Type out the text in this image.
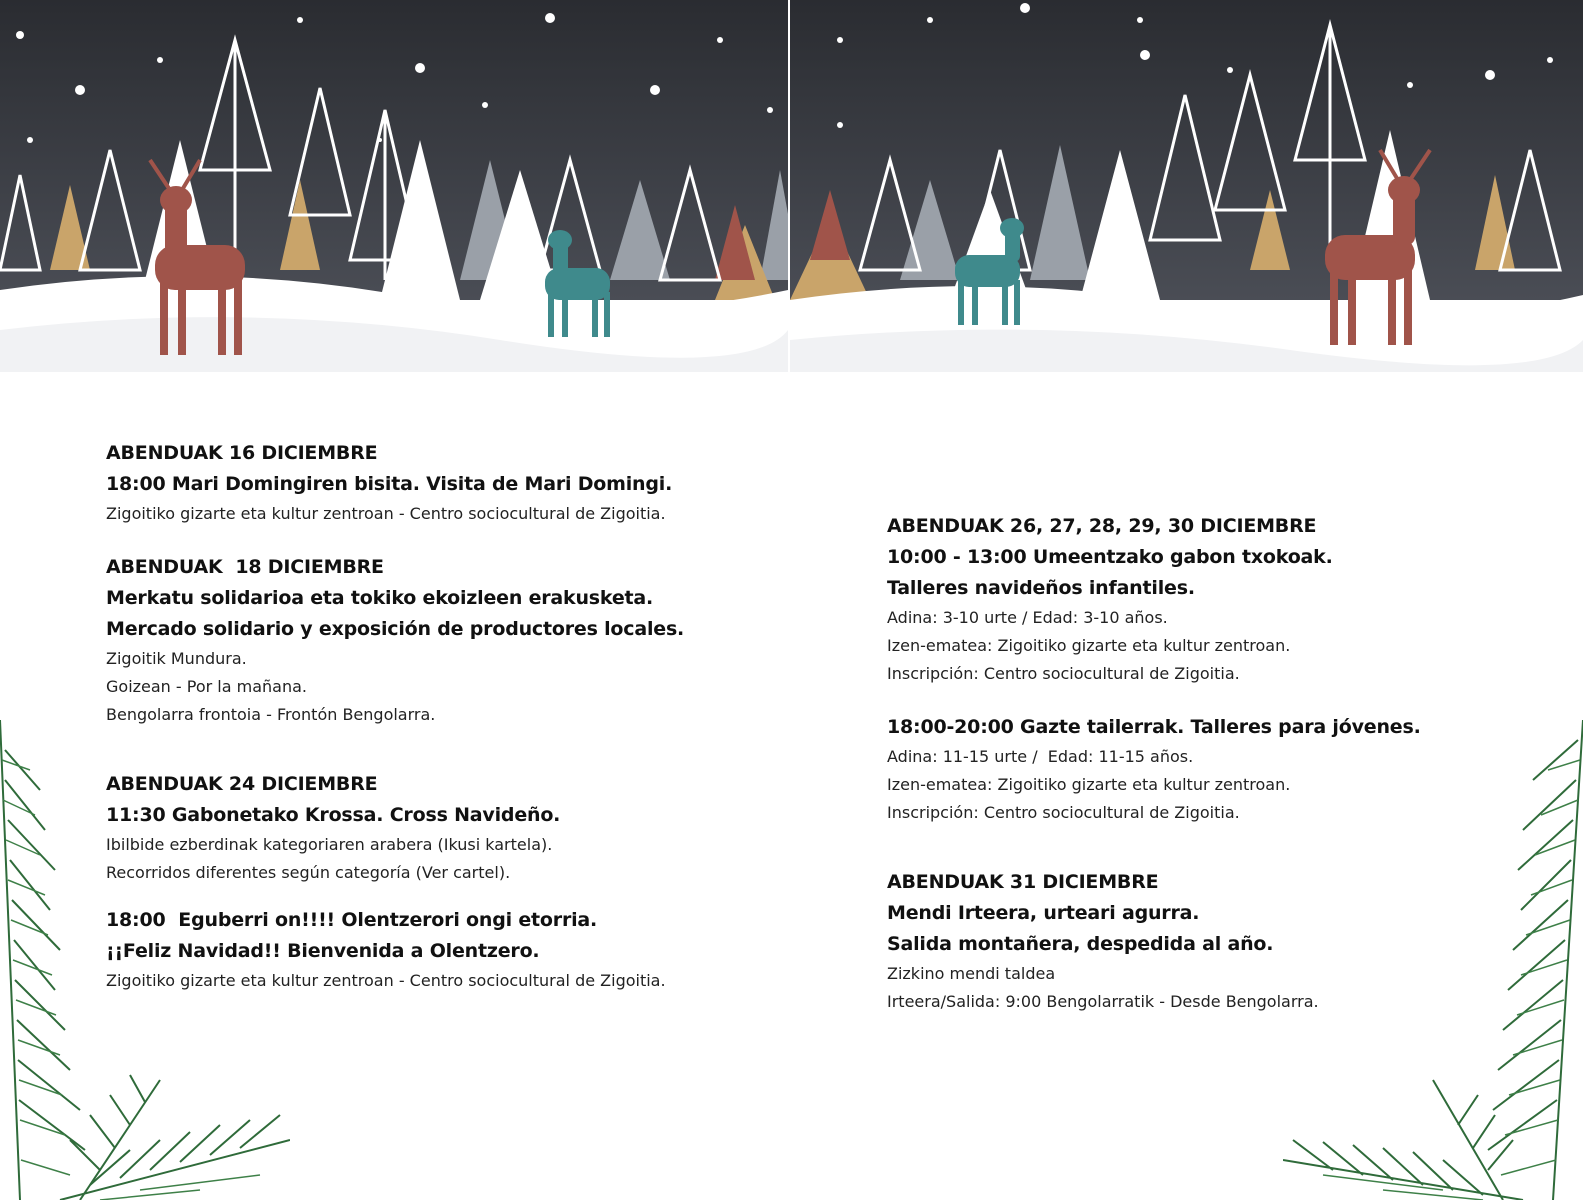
ABENDUAK 16 DICIEMBRE
18:00 Mari Domingiren bisita. Visita de Mari Domingi.
Zigoitiko gizarte eta kultur zentroan - Centro sociocultural de Zigoitia.
ABENDUAK  18 DICIEMBRE
Merkatu solidarioa eta tokiko ekoizleen erakusketa.
Mercado solidario y exposición de productores locales.
Zigoitik Mundura.
Goizean - Por la mañana.
Bengolarra frontoia - Frontón Bengolarra.
ABENDUAK 24 DICIEMBRE
11:30 Gabonetako Krossa. Cross Navideño.
Ibilbide ezberdinak kategoriaren arabera (Ikusi kartela).
Recorridos diferentes según categoría (Ver cartel).
18:00  Eguberri on!!!! Olentzerori ongi etorria.
¡¡Feliz Navidad!! Bienvenida a Olentzero.
Zigoitiko gizarte eta kultur zentroan - Centro sociocultural de Zigoitia.
ABENDUAK 26, 27, 28, 29, 30 DICIEMBRE
10:00 - 13:00 Umeentzako gabon txokoak.
Talleres navideños infantiles.
Adina: 3-10 urte / Edad: 3-10 años.
Izen-ematea: Zigoitiko gizarte eta kultur zentroan.
Inscripción: Centro sociocultural de Zigoitia.
18:00-20:00 Gazte tailerrak. Talleres para jóvenes.
Adina: 11-15 urte /  Edad: 11-15 años.
Izen-ematea: Zigoitiko gizarte eta kultur zentroan.
Inscripción: Centro sociocultural de Zigoitia.
ABENDUAK 31 DICIEMBRE
Mendi Irteera, urteari agurra.
Salida montañera, despedida al año.
Zizkino mendi taldea
Irteera/Salida: 9:00 Bengolarratik - Desde Bengolarra.
